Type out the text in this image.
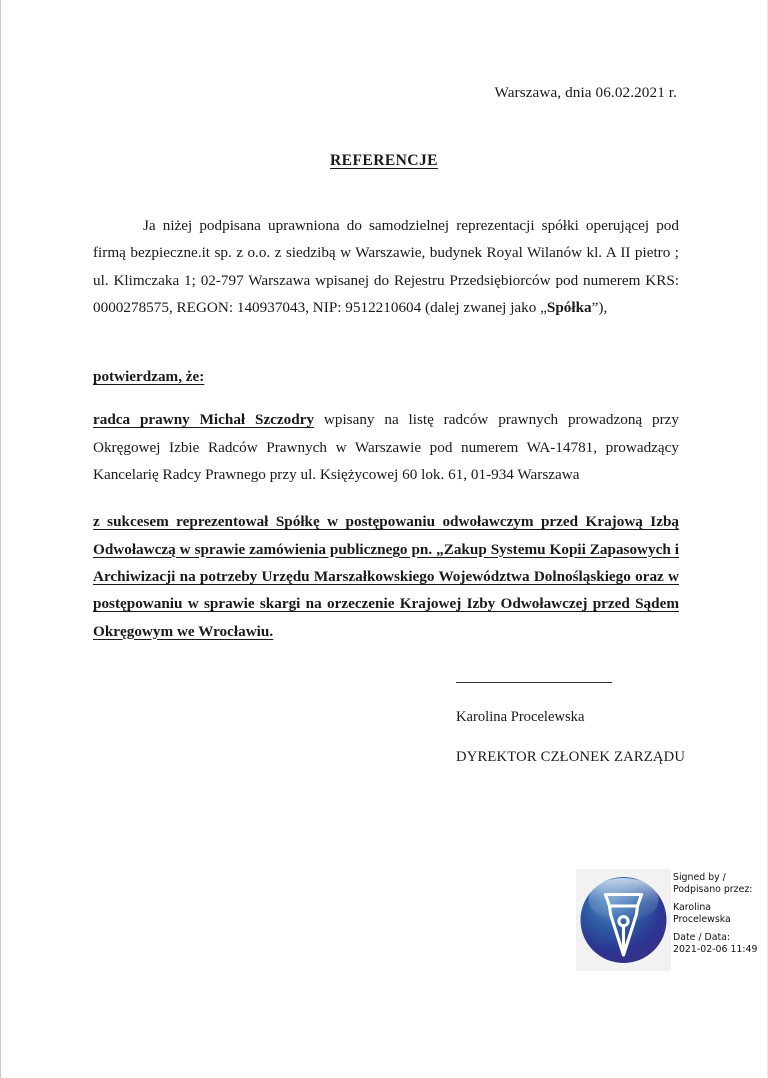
Warszawa, dnia 06.02.2021 r.
REFERENCJE

Ja niżej podpisana uprawniona do samodzielnej reprezentacji spółki operującej pod firmą bezpiecznе.it sp. z o.o. z siedzibą w Warszawie, budynek Royal Wilanów kl. A II pietro ; ul. Klimczaka 1; 02-797 Warszawa wpisanej do Rejestru Przedsiębiorców pod numerem KRS: 0000278575, REGON: 140937043, NIP: 9512210604 (dalej zwanej jako „Spółka”),

potwierdzam, że:

radca prawny Michał Szczodry wpisany na listę radców prawnych prowadzoną przy Okręgowej Izbie Radców Prawnych w Warszawie pod numerem WA-14781, prowadzący Kancelarię Radcy Prawnego przy ul. Księżycowej 60 lok. 61, 01-934 Warszawa

z sukcesem reprezentował Spółkę w postępowaniu odwoławczym przed Krajową Izbą Odwoławczą w sprawie zamówienia publicznego pn. „Zakup Systemu Kopii Zapasowych i Archiwizacji na potrzeby Urzędu Marszałkowskiego Województwa Dolnośląskiego oraz w postępowaniu w sprawie skargi na orzeczenie Krajowej Izby Odwoławczej przed Sądem Okręgowym we Wrocławiu.

Karolina Procelewska

DYREKTOR CZŁONEK ZARZĄDU

Signed by /
Podpisano przez:
Karolina
Procelewska
Date / Data:
2021-02-06 11:49
